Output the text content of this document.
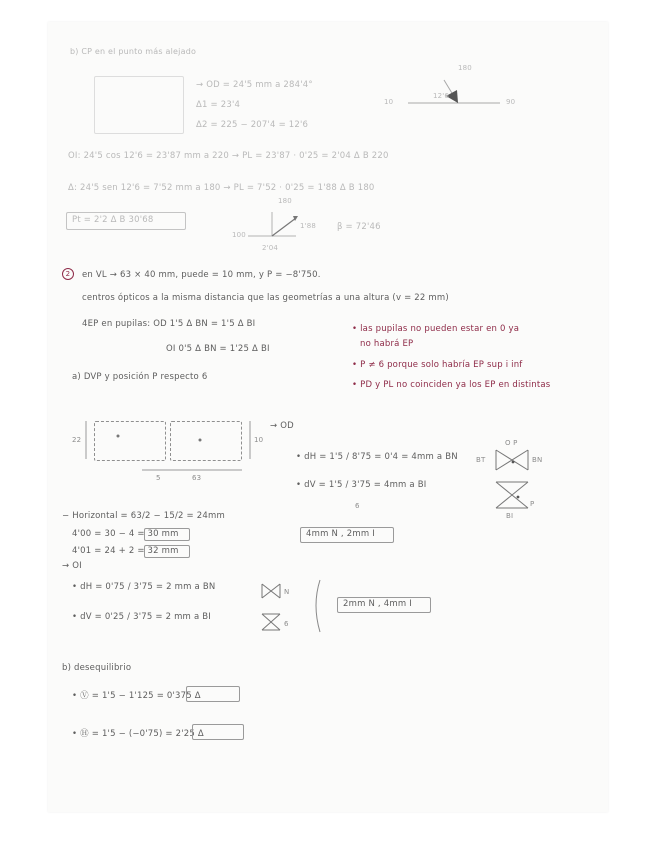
b) CP en el punto más alejado
→ OD = 24'5 mm a 284'4°
Δ1 = 23'4
Δ2 = 225 − 207'4 = 12'6
10
12'6
180
90
OI: 24'5 cos 12'6 = 23'87 mm a 220 → PL = 23'87 · 0'25 = 2'04 Δ B 220
Δ: 24'5 sen 12'6 = 7'52 mm a 180 → PL = 7'52 · 0'25 = 1'88 Δ B 180
Pt = 2'2 Δ B 30'68
180
100
1'88
2'04
β = 72'46
2	en VL → 63 × 40 mm, puede = 10 mm, y P = −8'750.
centros ópticos a la misma distancia que las geometrías a una altura (v = 22 mm)
4EP en pupilas: OD 1'5 Δ BN = 1'5 Δ BI
OI 0'5 Δ BN = 1'25 Δ BI
• las pupilas no pueden estar en 0 ya
no habrá EP
• P ≠ 6 porque solo habría EP sup i inf
• PD y PL no coinciden ya los EP en distintas
a) DVP y posición P respecto 6
22	10
63
5
→ OD
• dH = 1'5 / 8'75 = 0'4 = 4mm a BN
• dV = 1'5 / 3'75 = 4mm a BI
6
4mm N , 2mm I
BT	BN
O P
BI
P
− Horizontal = 63/2 − 15/2 = 24mm
4'00 = 30 − 4 = 30 mm
4'01 = 24 + 2 = 32 mm
→ OI
• dH = 0'75 / 3'75 = 2 mm a BN
• dV = 0'25 / 3'75 = 2 mm a BI
N
6
2mm N , 4mm I
b) desequilibrio
• Ⓥ = 1'5 − 1'125 = 0'375 Δ
• Ⓗ = 1'5 − (−0'75) = 2'25 Δ
